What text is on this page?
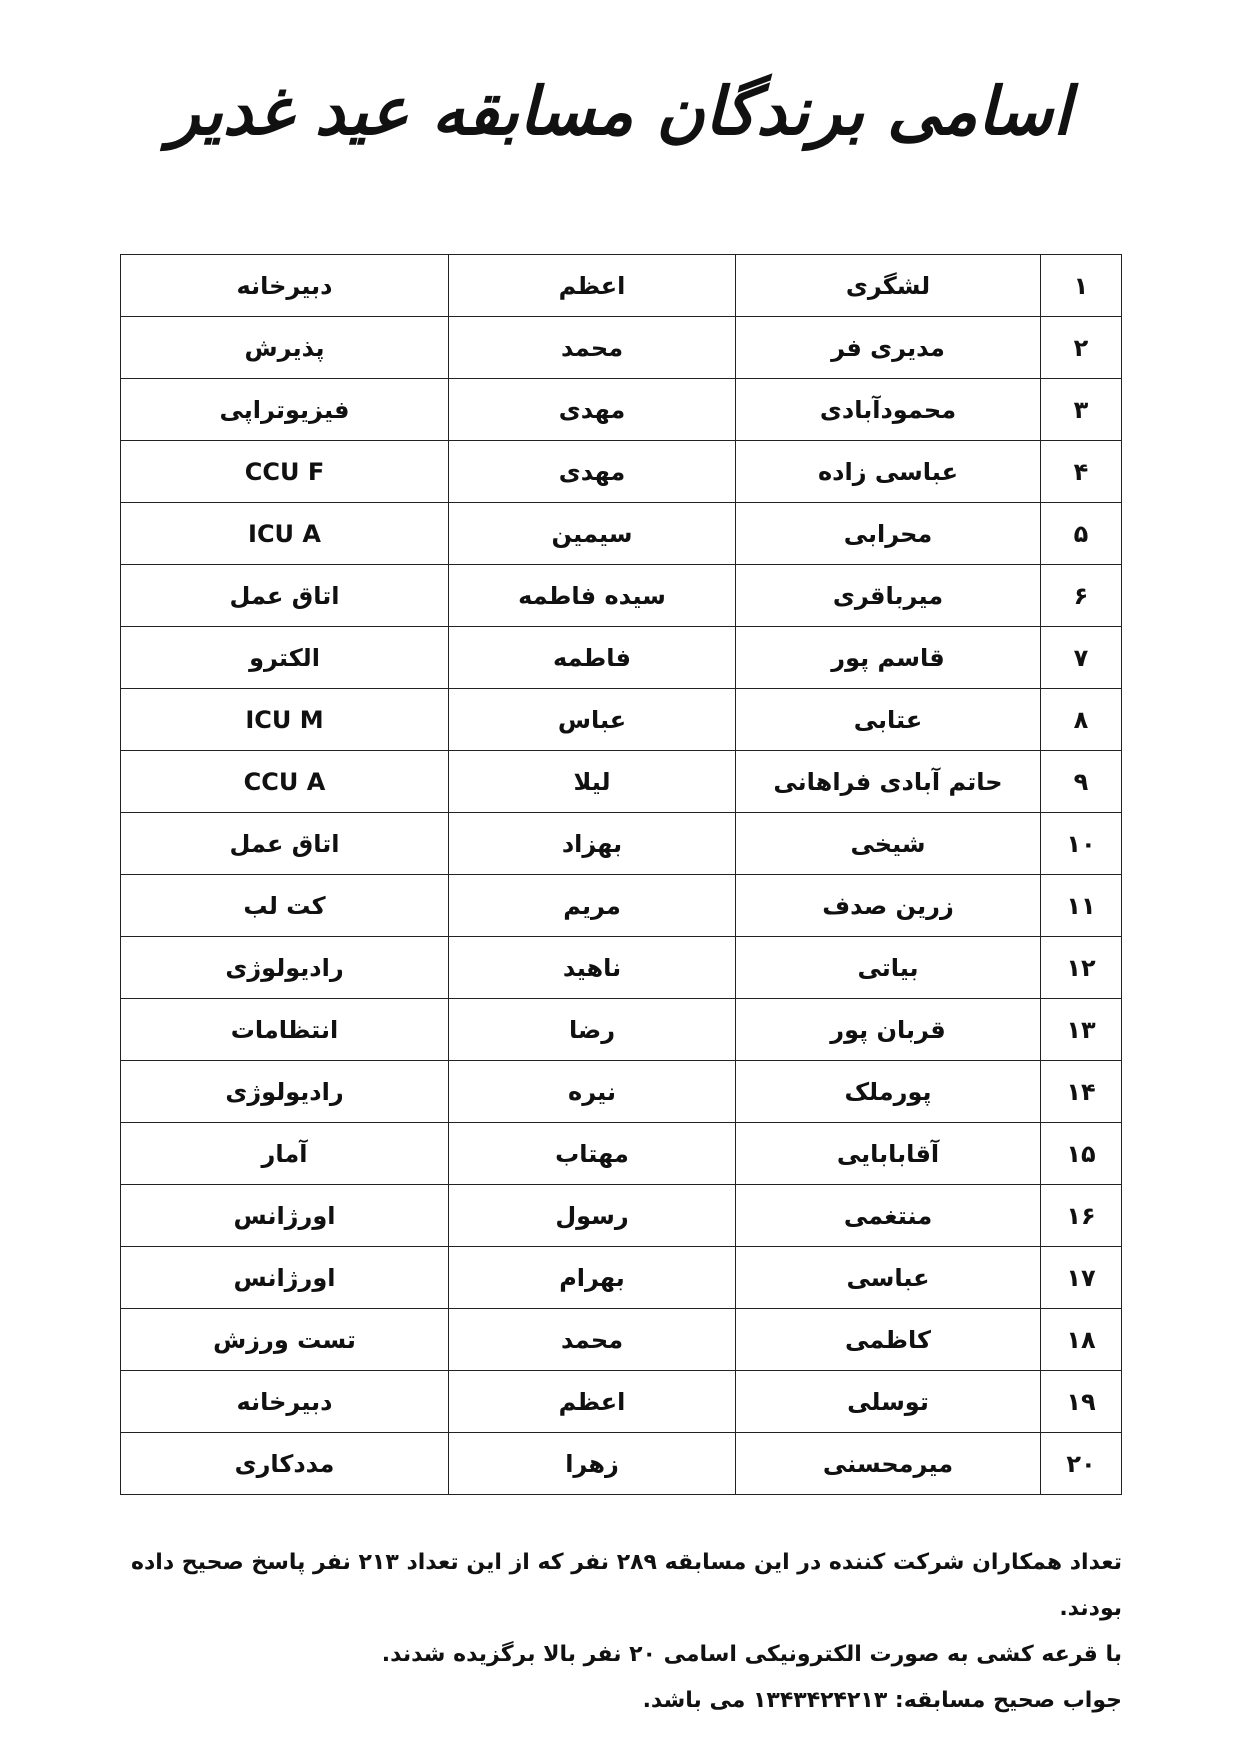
اسامی برندگان مسابقه عید غدیر
۱	لشگری	اعظم	دبیرخانه
۲	مدیری فر	محمد	پذیرش
۳	محمودآبادی	مهدی	فیزیوتراپی
۴	عباسی زاده	مهدی	CCU F
۵	محرابی	سیمین	ICU A
۶	میرباقری	سیده فاطمه	اتاق عمل
۷	قاسم پور	فاطمه	الکترو
۸	عتابی	عباس	ICU M
۹	حاتم آبادی فراهانی	لیلا	CCU A
۱۰	شیخی	بهزاد	اتاق عمل
۱۱	زرین صدف	مریم	کت لب
۱۲	بیاتی	ناهید	رادیولوژی
۱۳	قربان پور	رضا	انتظامات
۱۴	پورملک	نیره	رادیولوژی
۱۵	آقابابایی	مهتاب	آمار
۱۶	منتغمی	رسول	اورژانس
۱۷	عباسی	بهرام	اورژانس
۱۸	کاظمی	محمد	تست ورزش
۱۹	توسلی	اعظم	دبیرخانه
۲۰	میرمحسنی	زهرا	مددکاری

تعداد همکاران شرکت کننده در این مسابقه ۲۸۹ نفر که از این تعداد ۲۱۳ نفر پاسخ صحیح داده بودند.

با قرعه کشی به صورت الکترونیکی اسامی ۲۰ نفر بالا برگزیده شدند.

جواب صحیح مسابقه: ۱۳۴۳۴۲۴۲۱۳ می باشد.
